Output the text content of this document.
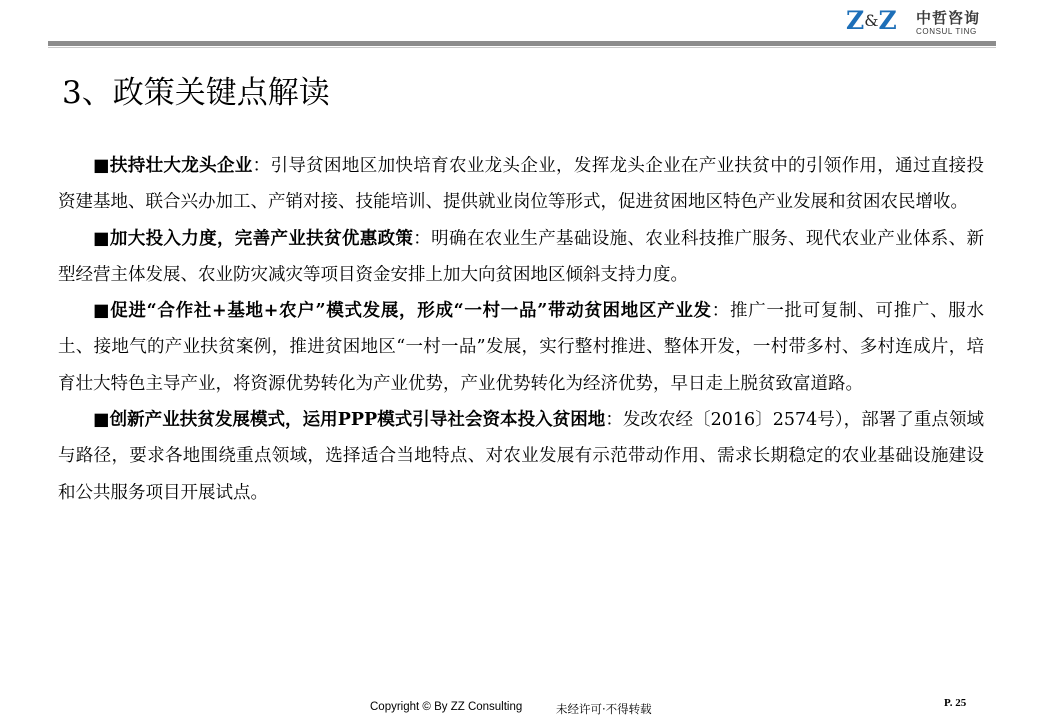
Z&Z 中哲咨询
CONSUL TING
3、政策关键点解读

■扶持壮大龙头企业：引导贫困地区加快培育农业龙头企业，发挥龙头企业在产业扶贫中的引领作用，通过直接投资建基地、联合兴办加工、产销对接、技能培训、提供就业岗位等形式，促进贫困地区特色产业发展和贫困农民增收。

■加大投入力度，完善产业扶贫优惠政策：明确在农业生产基础设施、农业科技推广服务、现代农业产业体系、新型经营主体发展、农业防灾减灾等项目资金安排上加大向贫困地区倾斜支持力度。

■促进“合作社+基地+农户”模式发展，形成“一村一品”带动贫困地区产业发：推广一批可复制、可推广、服水土、接地气的产业扶贫案例，推进贫困地区“一村一品”发展，实行整村推进、整体开发，一村带多村、多村连成片，培育壮大特色主导产业，将资源优势转化为产业优势，产业优势转化为经济优势，早日走上脱贫致富道路。

■创新产业扶贫发展模式，运用PPP模式引导社会资本投入贫困地：发改农经〔2016〕2574号），部署了重点领域与路径，要求各地围绕重点领域，选择适合当地特点、对农业发展有示范带动作用、需求长期稳定的农业基础设施建设和公共服务项目开展试点。

Copyright © By ZZ Consulting	未经许可·不得转载	P. 25
